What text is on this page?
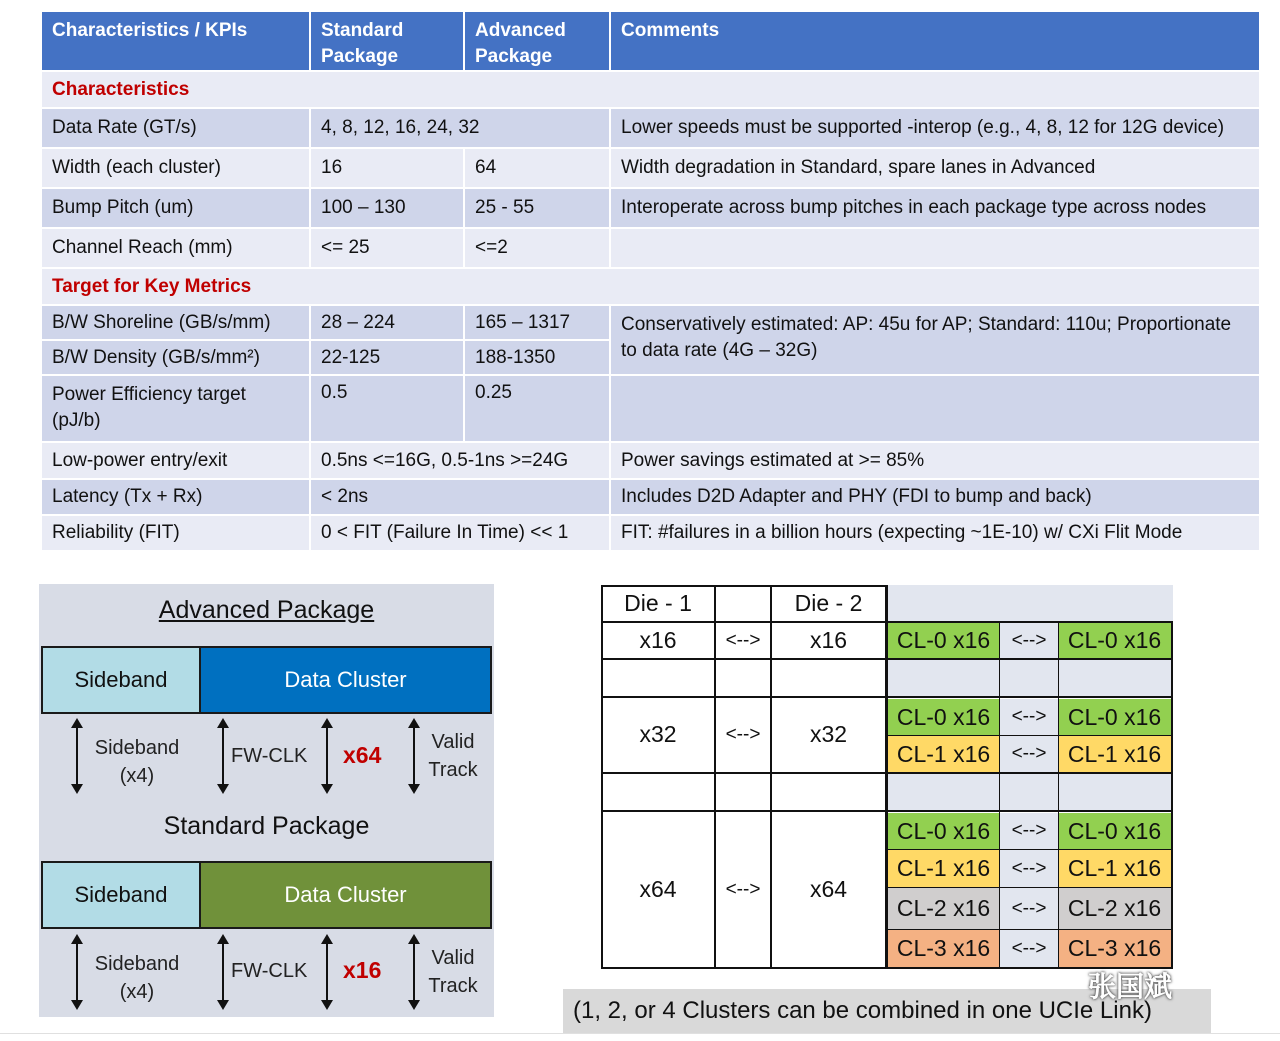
Characteristics / KPIs	Standard Package	Advanced Package	Comments
Characteristics			
Data Rate (GT/s)	4, 8, 12, 16, 24, 32		Lower speeds must be supported -interop (e.g., 4, 8, 12 for 12G device)
Width (each cluster)	16	64	Width degradation in Standard, spare lanes in Advanced
Bump Pitch (um)	100 – 130	25 - 55	Interoperate across bump pitches in each package type across nodes
Channel Reach (mm)	<= 25	<=2	
Target for Key Metrics			
B/W Shoreline (GB/s/mm)	28 – 224	165 – 1317	Conservatively estimated: AP: 45u for AP; Standard: 110u; Proportionate to data rate (4G – 32G)
B/W Density (GB/s/mm²)	22-125	188-1350	
Power Efficiency target (pJ/b)	0.5	0.25	
Low-power entry/exit	0.5ns <=16G, 0.5-1ns >=24G		Power savings estimated at >= 85%
Latency (Tx + Rx)	< 2ns		Includes D2D Adapter and PHY (FDI to bump and back)
Reliability (FIT)	0 < FIT (Failure In Time) << 1		FIT: #failures in a billion hours (expecting ~1E-10) w/ CXi Flit Mode
Advanced Package
Sideband	Data Cluster
Sideband
(x4)
FW-CLK x64	Valid
Track
Standard Package
Sideband	Data Cluster
Sideband
(x4)
FW-CLK x16	Valid
Track
Die - 1	Die - 2
x16	<-->	x16	CL-0 x16	<--> CL-0 x16
x32	<-->	x32
CL-0 x16	<--> CL-0 x16
CL-1 x16	<--> CL-1 x16
x64	<-->	x64
CL-0 x16	<--> CL-0 x16
CL-1 x16	<--> CL-1 x16
CL-2 x16	<--> CL-2 x16
CL-3 x16	<--> CL-3 x16
(1, 2, or 4 Clusters can be combined in one UCIe Link)
张国斌
